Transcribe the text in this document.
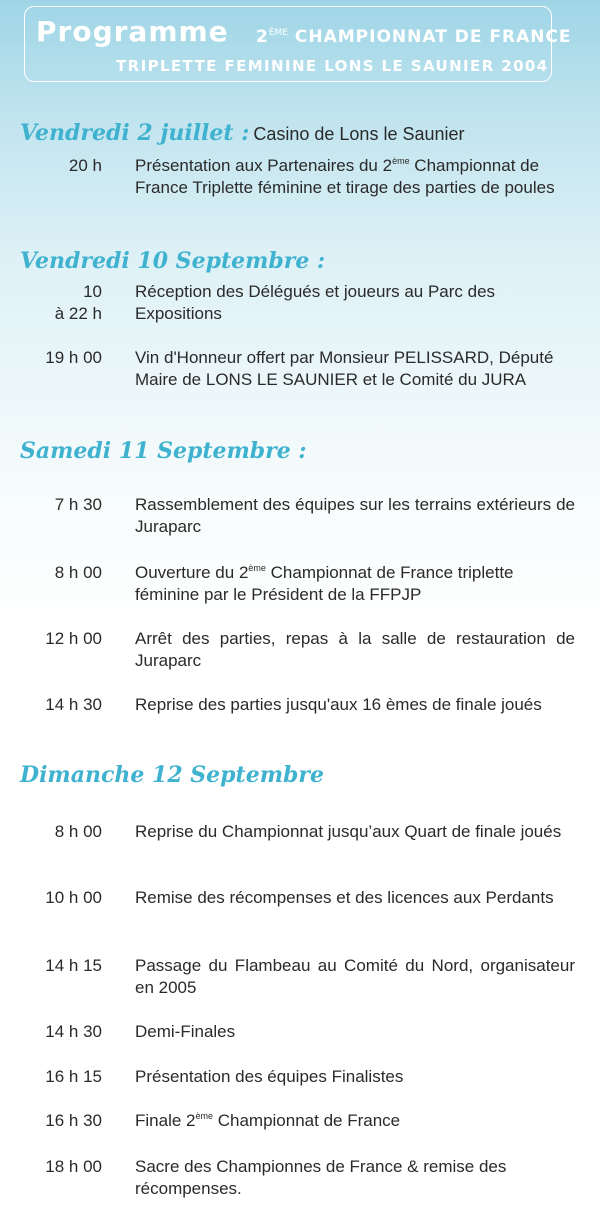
Programme 2ÈME CHAMPIONNAT DE FRANCE
TRIPLETTE FEMININE LONS LE SAUNIER 2004
Vendredi 2 juillet : Casino de Lons le Saunier
20 h Présentation aux Partenaires du 2ème Championnat de France Triplette féminine et tirage des parties de poules
Vendredi 10 Septembre :
10
à 22 h
Réception des Délégués et joueurs au Parc des Expositions
19 h 00 Vin d'Honneur offert par Monsieur PELISSARD, Député Maire de LONS LE SAUNIER et le Comité du JURA
Samedi 11 Septembre :
7 h 30 Rassemblement des équipes sur les terrains extérieurs de Juraparc
8 h 00 Ouverture du 2ème Championnat de France triplette féminine par le Président de la FFPJP
12 h 00 Arrêt des parties, repas à la salle de restauration de Juraparc
14 h 30 Reprise des parties jusqu'aux 16 èmes de finale joués
Dimanche 12 Septembre
8 h 00 Reprise du Championnat jusqu’aux Quart de finale joués
10 h 00 Remise des récompenses et des licences aux Perdants
14 h 15 Passage du Flambeau au Comité du Nord, organisateur en 2005
14 h 30 Demi-Finales
16 h 15 Présentation des équipes Finalistes
16 h 30 Finale 2ème Championnat de France
18 h 00 Sacre des Championnes de France & remise des récompenses.
